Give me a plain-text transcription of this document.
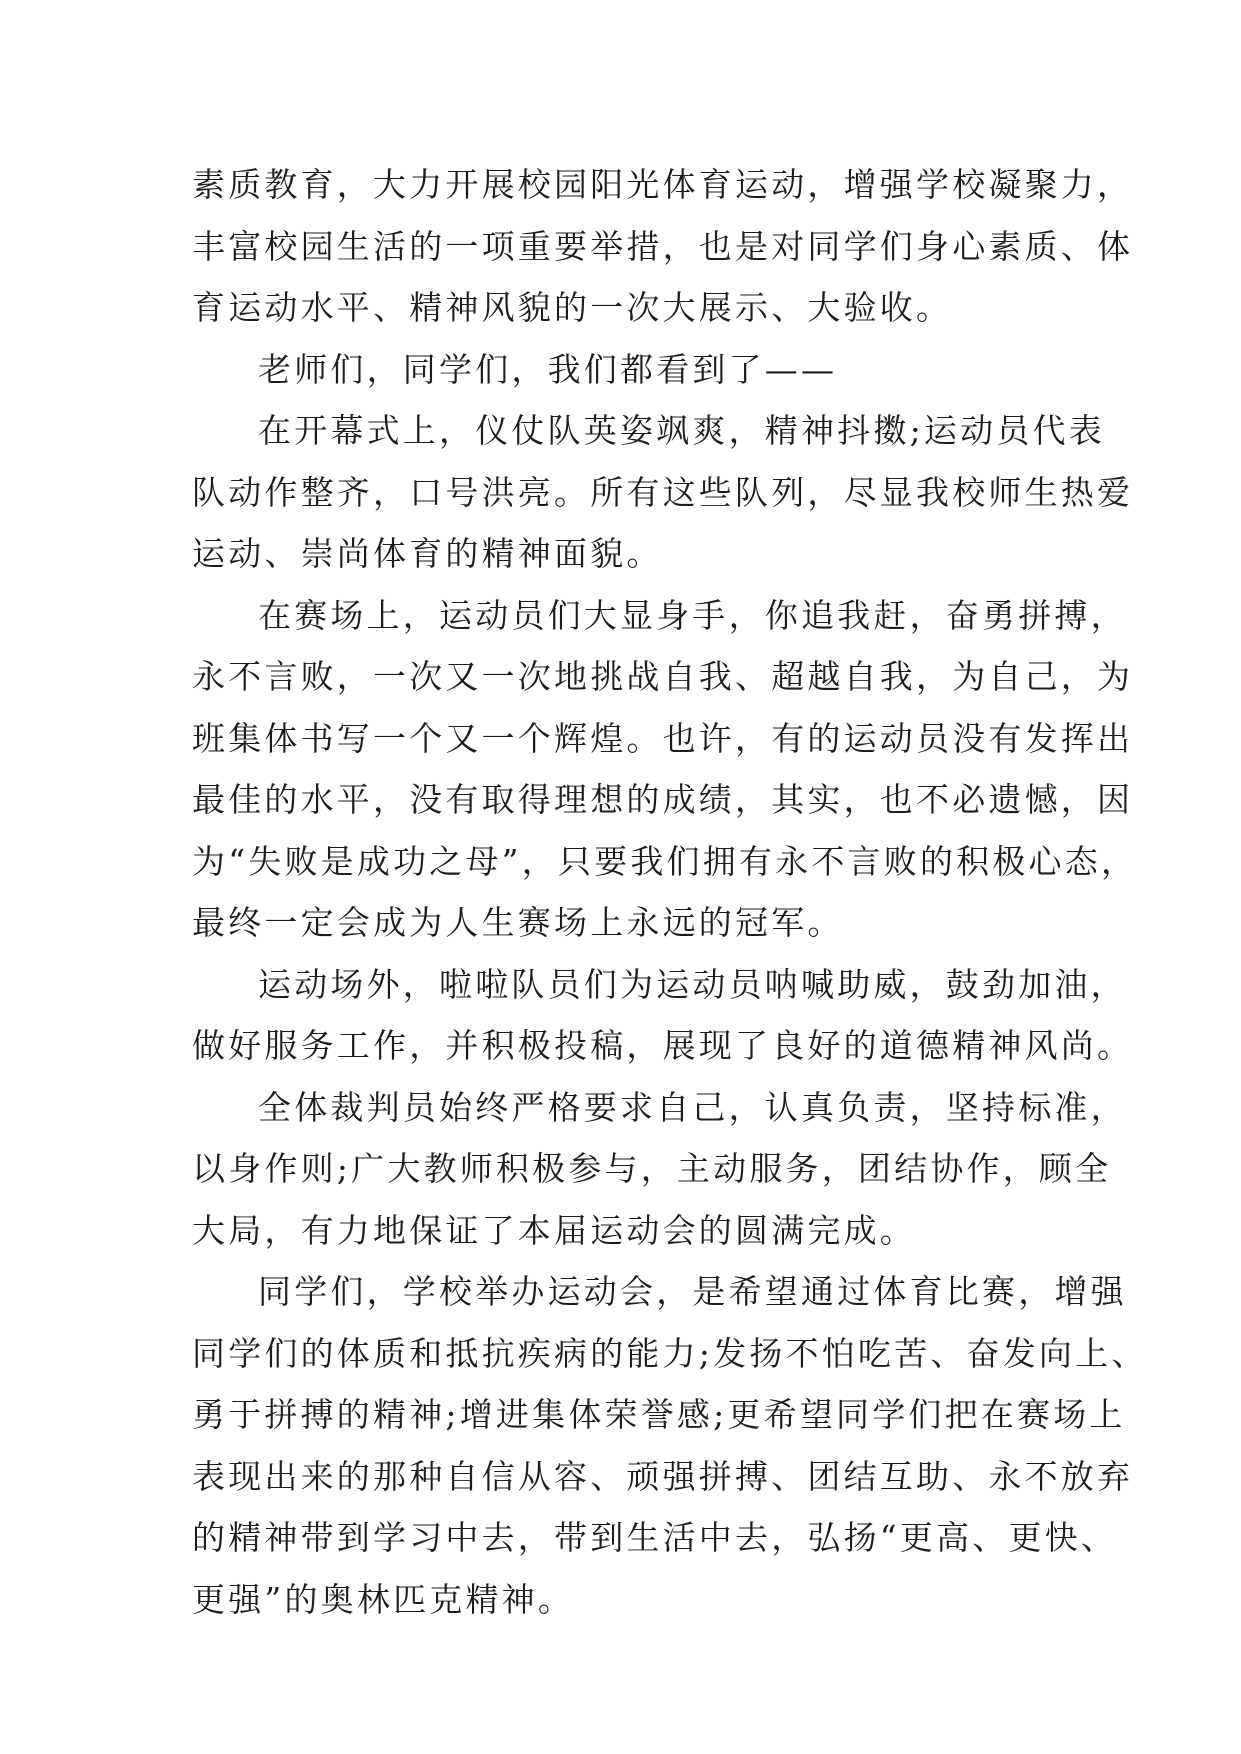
素质教育，大力开展校园阳光体育运动，增强学校凝聚力，
丰富校园生活的一项重要举措，也是对同学们身心素质、体
育运动水平、精神风貌的一次大展示、大验收。
老师们，同学们，我们都看到了——
在开幕式上，仪仗队英姿飒爽，精神抖擞;运动员代表
队动作整齐，口号洪亮。所有这些队列，尽显我校师生热爱
运动、崇尚体育的精神面貌。
在赛场上，运动员们大显身手，你追我赶，奋勇拼搏，
永不言败，一次又一次地挑战自我、超越自我，为自己，为
班集体书写一个又一个辉煌。也许，有的运动员没有发挥出
最佳的水平，没有取得理想的成绩，其实，也不必遗憾，因
为“失败是成功之母”，只要我们拥有永不言败的积极心态，
最终一定会成为人生赛场上永远的冠军。
运动场外，啦啦队员们为运动员呐喊助威，鼓劲加油，
做好服务工作，并积极投稿，展现了良好的道德精神风尚。
全体裁判员始终严格要求自己，认真负责，坚持标准，
以身作则;广大教师积极参与，主动服务，团结协作，顾全
大局，有力地保证了本届运动会的圆满完成。
同学们，学校举办运动会，是希望通过体育比赛，增强
同学们的体质和抵抗疾病的能力;发扬不怕吃苦、奋发向上、
勇于拼搏的精神;增进集体荣誉感;更希望同学们把在赛场上
表现出来的那种自信从容、顽强拼搏、团结互助、永不放弃
的精神带到学习中去，带到生活中去，弘扬“更高、更快、
更强”的奥林匹克精神。
